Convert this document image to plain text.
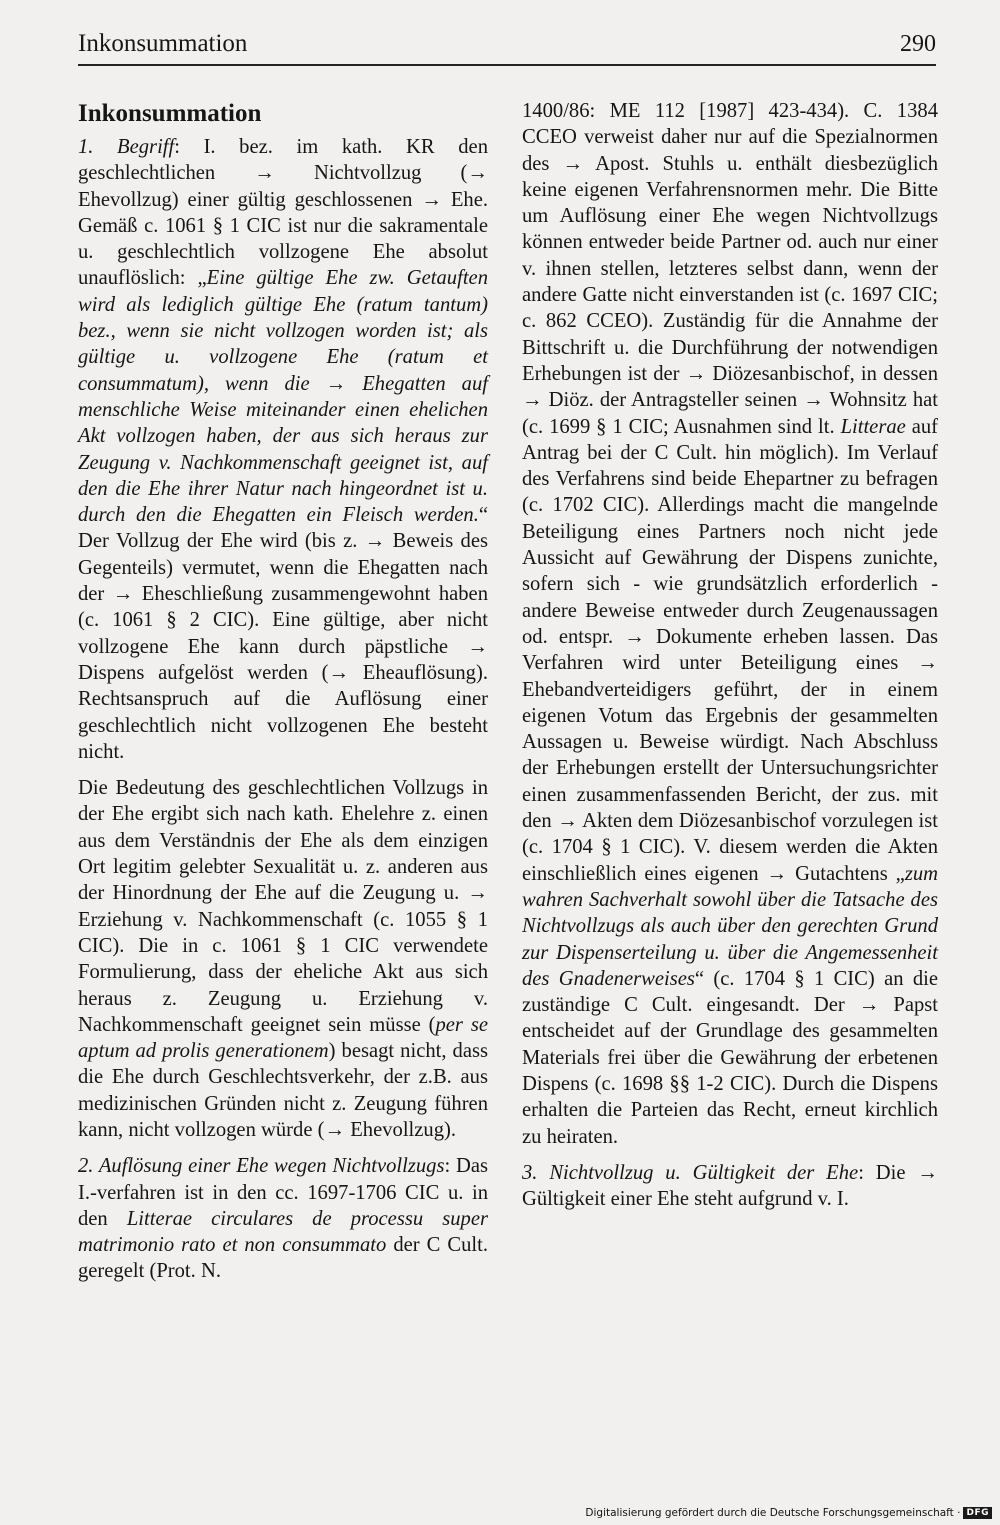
Inkonsummation	290
Inkonsummation

1. Begriff: I. bez. im kath. KR den geschlechtlichen → Nichtvollzug (→ Ehevollzug) einer gültig geschlossenen → Ehe. Gemäß c. 1061 § 1 CIC ist nur die sakramentale u. geschlechtlich vollzogene Ehe absolut unauflöslich: „Eine gültige Ehe zw. Getauften wird als lediglich gültige Ehe (ratum tantum) bez., wenn sie nicht vollzogen worden ist; als gültige u. vollzogene Ehe (ratum et consummatum), wenn die → Ehegatten auf menschliche Weise miteinander einen ehelichen Akt vollzogen haben, der aus sich heraus zur Zeugung v. Nachkommenschaft geeignet ist, auf den die Ehe ihrer Natur nach hingeordnet ist u. durch den die Ehegatten ein Fleisch werden.“ Der Vollzug der Ehe wird (bis z. → Beweis des Gegenteils) vermutet, wenn die Ehegatten nach der → Eheschließung zusammengewohnt haben (c. 1061 § 2 CIC). Eine gültige, aber nicht vollzogene Ehe kann durch päpstliche → Dispens aufgelöst werden (→ Eheauflösung). Rechtsanspruch auf die Auflösung einer geschlechtlich nicht vollzogenen Ehe besteht nicht.

Die Bedeutung des geschlechtlichen Vollzugs in der Ehe ergibt sich nach kath. Ehelehre z. einen aus dem Verständnis der Ehe als dem einzigen Ort legitim gelebter Sexualität u. z. anderen aus der Hinordnung der Ehe auf die Zeugung u. → Erziehung v. Nachkommenschaft (c. 1055 § 1 CIC). Die in c. 1061 § 1 CIC verwendete Formulierung, dass der eheliche Akt aus sich heraus z. Zeugung u. Erziehung v. Nachkommenschaft geeignet sein müsse (per se aptum ad prolis generationem) besagt nicht, dass die Ehe durch Geschlechtsverkehr, der z.B. aus medizinischen Gründen nicht z. Zeugung führen kann, nicht vollzogen würde (→ Ehevollzug).

2. Auflösung einer Ehe wegen Nichtvollzugs: Das I.-verfahren ist in den cc. 1697-1706 CIC u. in den Litterae circulares de processu super matrimonio rato et non consummato der C Cult. geregelt (Prot. N.

1400/86: ME 112 [1987] 423-434). C. 1384 CCEO verweist daher nur auf die Spezialnormen des → Apost. Stuhls u. enthält diesbezüglich keine eigenen Verfahrensnormen mehr. Die Bitte um Auflösung einer Ehe wegen Nichtvollzugs können entweder beide Partner od. auch nur einer v. ihnen stellen, letzteres selbst dann, wenn der andere Gatte nicht einverstanden ist (c. 1697 CIC; c. 862 CCEO). Zuständig für die Annahme der Bittschrift u. die Durchführung der notwendigen Erhebungen ist der → Diözesanbischof, in dessen → Diöz. der Antragsteller seinen → Wohnsitz hat (c. 1699 § 1 CIC; Ausnahmen sind lt. Litterae auf Antrag bei der C Cult. hin möglich). Im Verlauf des Verfahrens sind beide Ehepartner zu befragen (c. 1702 CIC). Allerdings macht die mangelnde Beteiligung eines Partners noch nicht jede Aussicht auf Gewährung der Dispens zunichte, sofern sich - wie grundsätzlich erforderlich - andere Beweise entweder durch Zeugenaussagen od. entspr. → Dokumente erheben lassen. Das Verfahren wird unter Beteiligung eines → Ehebandverteidigers geführt, der in einem eigenen Votum das Ergebnis der gesammelten Aussagen u. Beweise würdigt. Nach Abschluss der Erhebungen erstellt der Untersuchungsrichter einen zusammenfassenden Bericht, der zus. mit den → Akten dem Diözesanbischof vorzulegen ist (c. 1704 § 1 CIC). V. diesem werden die Akten einschließlich eines eigenen → Gutachtens „zum wahren Sachverhalt sowohl über die Tatsache des Nichtvollzugs als auch über den gerechten Grund zur Dispenserteilung u. über die Angemessenheit des Gnadenerweises“ (c. 1704 § 1 CIC) an die zuständige C Cult. eingesandt. Der → Papst entscheidet auf der Grundlage des gesammelten Materials frei über die Gewährung der erbetenen Dispens (c. 1698 §§ 1-2 CIC). Durch die Dispens erhalten die Parteien das Recht, erneut kirchlich zu heiraten.

3. Nichtvollzug u. Gültigkeit der Ehe: Die → Gültigkeit einer Ehe steht aufgrund v. I.

Digitalisierung gefördert durch die Deutsche Forschungsgemeinschaft · DFG
